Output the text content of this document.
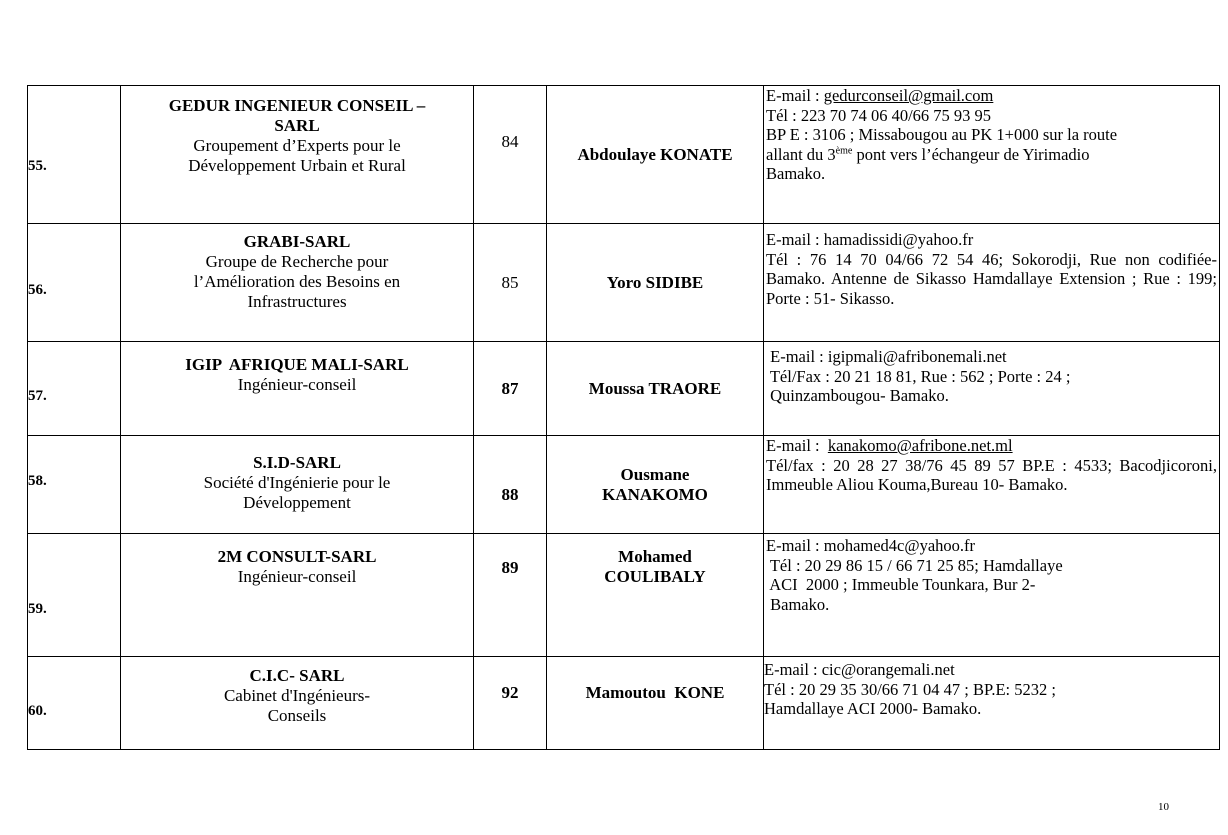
55.	GEDUR INGENIEUR CONSEIL –
SARL
Groupement d’Experts pour le
Développement Urbain et Rural	84	Abdoulaye KONATE	E-mail : gedurconseil@gmail.com
Tél : 223 70 74 06 40/66 75 93 95
BP E : 3106 ; Missabougou au PK 1+000 sur la route
allant du 3ème pont vers l’échangeur de Yirimadio
Bamako.

56.	GRABI-SARL
Groupe de Recherche pour
l’Amélioration des Besoins en
Infrastructures	85	Yoro SIDIBE	E-mail : hamadissidi@yahoo.fr
Tél : 76 14 70 04/66 72 54 46; Sokorodji, Rue non codifiée-Bamako. Antenne de Sikasso Hamdallaye Extension ; Rue : 199; Porte : 51- Sikasso.

57.	IGIP  AFRIQUE MALI-SARL
Ingénieur-conseil	87	Moussa TRAORE	E-mail : igipmali@afribonemali.net
Tél/Fax : 20 21 18 81, Rue : 562 ; Porte : 24 ;
Quinzambougou- Bamako.

58.	S.I.D-SARL
Société d'Ingénierie pour le
Développement	88	Ousmane
KANAKOMO	E-mail :  kanakomo@afribone.net.ml
Tél/fax : 20 28 27 38/76 45 89 57 BP.E : 4533; Bacodjicoroni, Immeuble Aliou Kouma,Bureau 10- Bamako.

59.	2M CONSULT-SARL
Ingénieur-conseil	89	Mohamed
COULIBALY	E-mail : mohamed4c@yahoo.fr
Tél : 20 29 86 15 / 66 71 25 85; Hamdallaye
ACI  2000 ; Immeuble Tounkara, Bur 2-
Bamako.

60.	C.I.C- SARL
Cabinet d'Ingénieurs-
Conseils	92	Mamoutou  KONE	E-mail : cic@orangemali.net
Tél : 20 29 35 30/66 71 04 47 ; BP.E: 5232 ;
Hamdallaye ACI 2000- Bamako.
10
